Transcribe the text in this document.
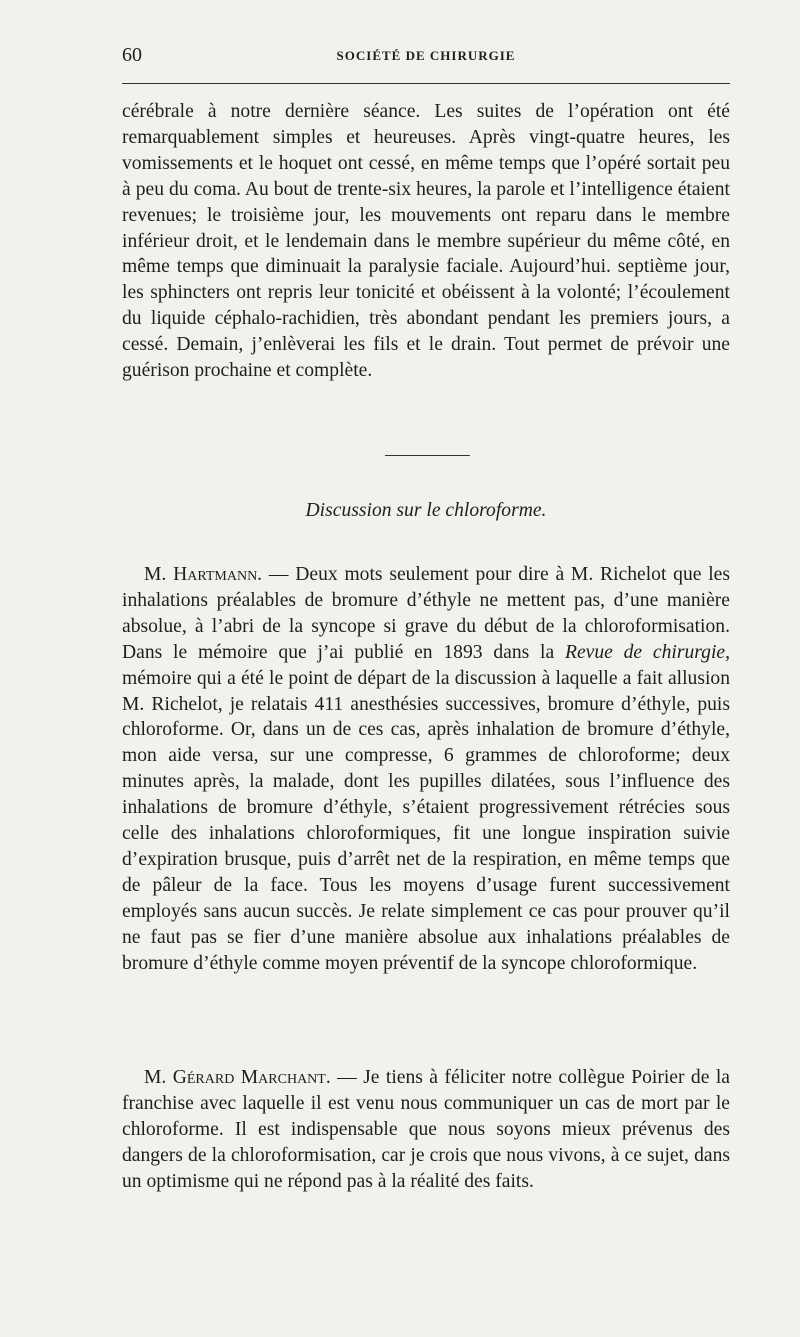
60	SOCIÉTÉ DE CHIRURGIE

cérébrale à notre dernière séance. Les suites de l’opération ont été remarquablement simples et heureuses. Après vingt-quatre heures, les vomissements et le hoquet ont cessé, en même temps que l’opéré sortait peu à peu du coma. Au bout de trente-six heures, la parole et l’intelligence étaient revenues; le troisième jour, les mouvements ont reparu dans le membre inférieur droit, et le lendemain dans le membre supérieur du même côté, en même temps que diminuait la paralysie faciale. Aujourd’hui. septième jour, les sphincters ont repris leur tonicité et obéissent à la volonté; l’écoulement du liquide céphalo-rachidien, très abondant pendant les premiers jours, a cessé. Demain, j’enlèverai les fils et le drain. Tout permet de prévoir une guérison prochaine et complète.

Discussion sur le chloroforme.

M. Hartmann. — Deux mots seulement pour dire à M. Richelot que les inhalations préalables de bromure d’éthyle ne mettent pas, d’une manière absolue, à l’abri de la syncope si grave du début de la chloroformisation. Dans le mémoire que j’ai publié en 1893 dans la Revue de chirurgie, mémoire qui a été le point de départ de la discussion à laquelle a fait allusion M. Richelot, je relatais 411 anesthésies successives, bromure d’éthyle, puis chloroforme. Or, dans un de ces cas, après inhalation de bromure d’éthyle, mon aide versa, sur une compresse, 6 grammes de chloroforme; deux minutes après, la malade, dont les pupilles dilatées, sous l’influence des inhalations de bromure d’éthyle, s’étaient progressivement rétrécies sous celle des inhalations chloroformiques, fit une longue inspiration suivie d’expiration brusque, puis d’arrêt net de la respiration, en même temps que de pâleur de la face. Tous les moyens d’usage furent successivement employés sans aucun succès. Je relate simplement ce cas pour prouver qu’il ne faut pas se fier d’une manière absolue aux inhalations préalables de bromure d’éthyle comme moyen préventif de la syncope chloroformique.

M. Gérard Marchant. — Je tiens à féliciter notre collègue Poirier de la franchise avec laquelle il est venu nous communiquer un cas de mort par le chloroforme. Il est indispensable que nous soyons mieux prévenus des dangers de la chloroformisation, car je crois que nous vivons, à ce sujet, dans un optimisme qui ne répond pas à la réalité des faits.
